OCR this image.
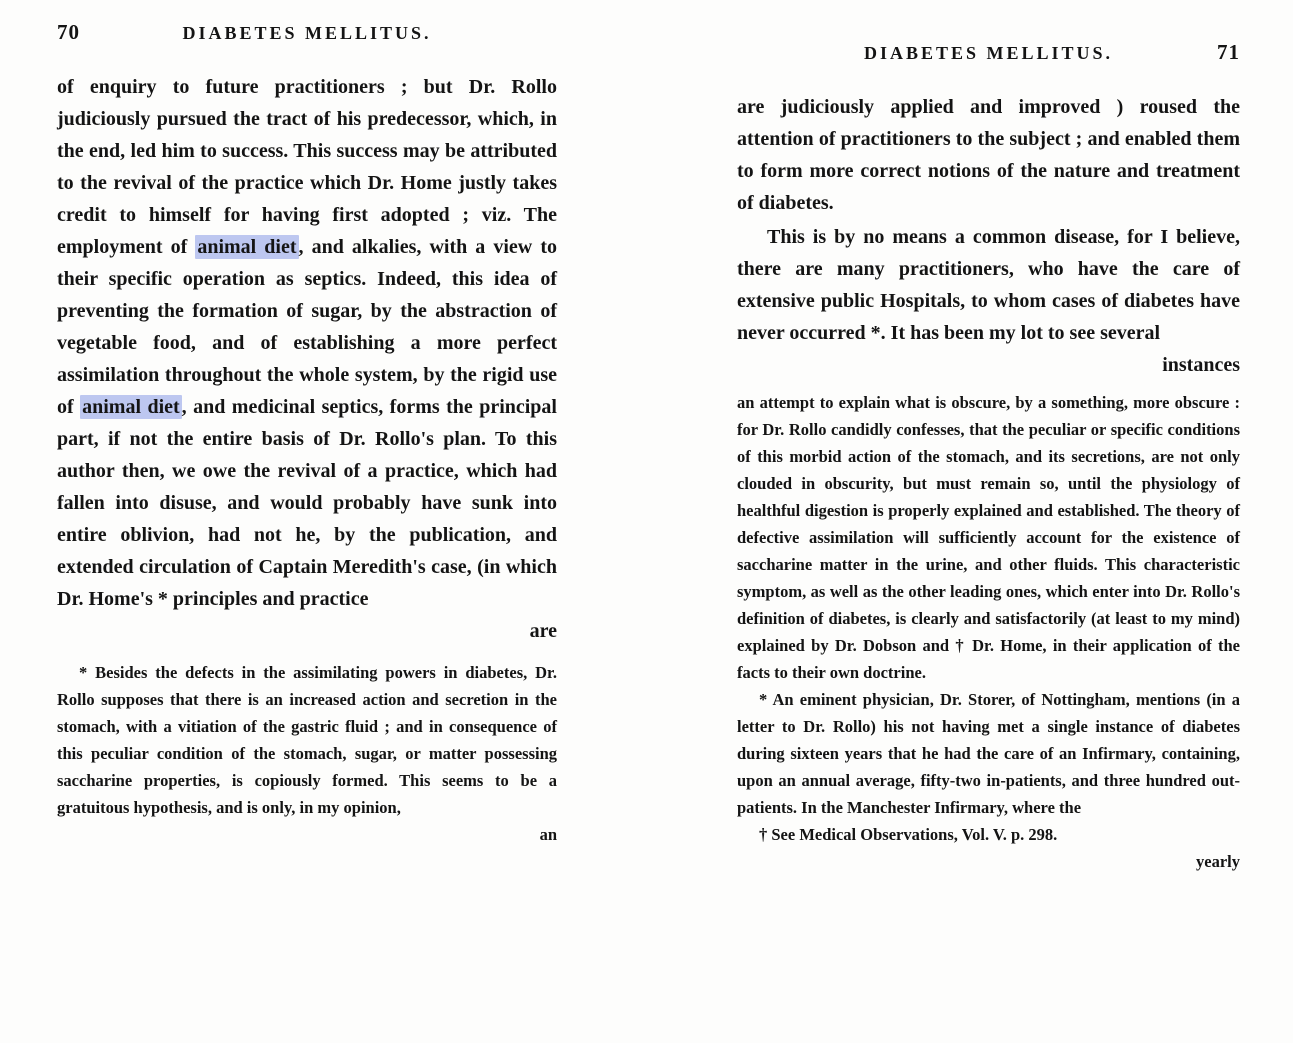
70	DIABETES MELLITUS.

of enquiry to future practitioners ; but Dr. Rollo judiciously pursued the tract of his predecessor, which, in the end, led him to success. This success may be attributed to the revival of the practice which Dr. Home justly takes credit to himself for having first adopted ; viz. The employment of animal diet , and alkalies, with a view to their specific operation as septics. Indeed, this idea of preventing the formation of sugar, by the abstraction of vegetable food, and of establishing a more perfect assimilation throughout the whole system, by the rigid use of animal diet , and medicinal septics, forms the principal part, if not the entire basis of Dr. Rollo's plan. To this author then, we owe the revival of a practice, which had fallen into disuse, and would probably have sunk into entire oblivion, had not he, by the publication, and extended circulation of Captain Meredith's case, (in which Dr. Home's * principles and practice

are

* Besides the defects in the assimilating powers in diabetes, Dr. Rollo supposes that there is an increased action and secretion in the stomach, with a vitiation of the gastric fluid ; and in consequence of this peculiar condition of the stomach, sugar, or matter possessing saccharine properties, is copiously formed. This seems to be a gratuitous hypothesis, and is only, in my opinion,

an
DIABETES MELLITUS.	71

are judiciously applied and improved ) roused the attention of practitioners to the subject ; and enabled them to form more correct notions of the nature and treatment of diabetes.

This is by no means a common disease, for I believe, there are many practitioners, who have the care of extensive public Hospitals, to whom cases of diabetes have never occurred *. It has been my lot to see several

instances

an attempt to explain what is obscure, by a something, more obscure : for Dr. Rollo candidly confesses, that the peculiar or specific conditions of this morbid action of the stomach, and its secretions, are not only clouded in obscurity, but must remain so, until the physiology of healthful digestion is properly explained and established. The theory of defective assimilation will sufficiently account for the existence of saccharine matter in the urine, and other fluids. This characteristic symptom, as well as the other leading ones, which enter into Dr. Rollo's definition of diabetes, is clearly and satisfactorily (at least to my mind) explained by Dr. Dobson and † Dr. Home, in their application of the facts to their own doctrine.

* An eminent physician, Dr. Storer, of Nottingham, mentions (in a letter to Dr. Rollo) his not having met a single instance of diabetes during sixteen years that he had the care of an Infirmary, containing, upon an annual average, fifty-two in-patients, and three hundred out-patients. In the Manchester Infirmary, where the

† See Medical Observations, Vol. V. p. 298.

yearly
